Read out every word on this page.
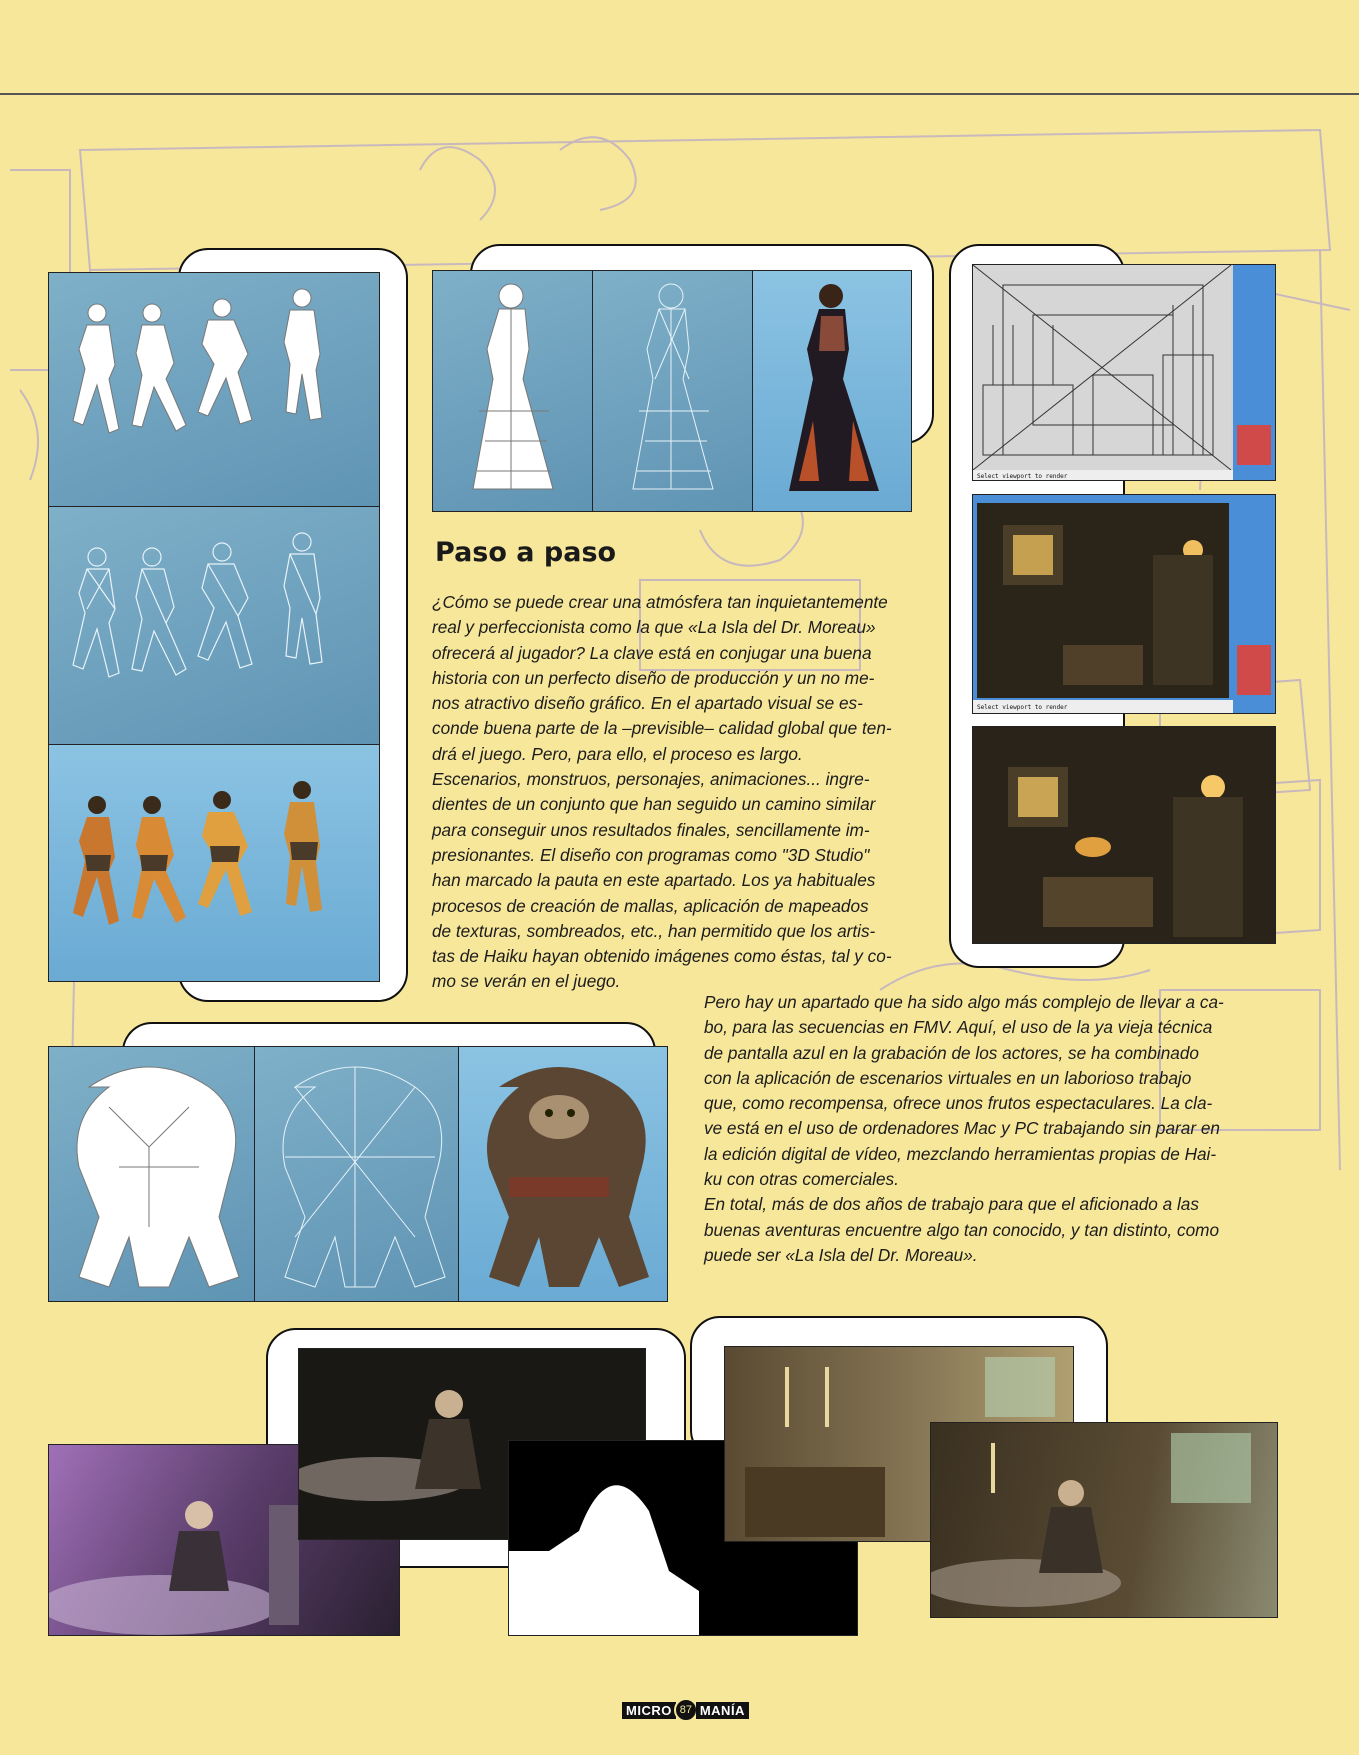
Select viewport to render
Select viewport to render
Paso a paso

¿Cómo se puede crear una atmósfera tan inquietantemente
real y perfeccionista como la que «La Isla del Dr. Moreau»
ofrecerá al jugador? La clave está en conjugar una buena
historia con un perfecto diseño de producción y un no me-
nos atractivo diseño gráfico. En el apartado visual se es-
conde buena parte de la –previsible– calidad global que ten-
drá el juego. Pero, para ello, el proceso es largo.
Escenarios, monstruos, personajes, animaciones... ingre-
dientes de un conjunto que han seguido un camino similar
para conseguir unos resultados finales, sencillamente im-
presionantes. El diseño con programas como "3D Studio"
han marcado la pauta en este apartado. Los ya habituales
procesos de creación de mallas, aplicación de mapeados
de texturas, sombreados, etc., han permitido que los artis-
tas de Haiku hayan obtenido imágenes como éstas, tal y co-
mo se verán en el juego.

Pero hay un apartado que ha sido algo más complejo de llevar a ca-
bo, para las secuencias en FMV. Aquí, el uso de la ya vieja técnica
de pantalla azul en la grabación de los actores, se ha combinado
con la aplicación de escenarios virtuales en un laborioso trabajo
que, como recompensa, ofrece unos frutos espectaculares. La cla-
ve está en el uso de ordenadores Mac y PC trabajando sin parar en
la edición digital de vídeo, mezclando herramientas propias de Hai-
ku con otras comerciales.
En total, más de dos años de trabajo para que el aficionado a las
buenas aventuras encuentre algo tan conocido, y tan distinto, como
puede ser «La Isla del Dr. Moreau».

MICRO 87 MANÍA
